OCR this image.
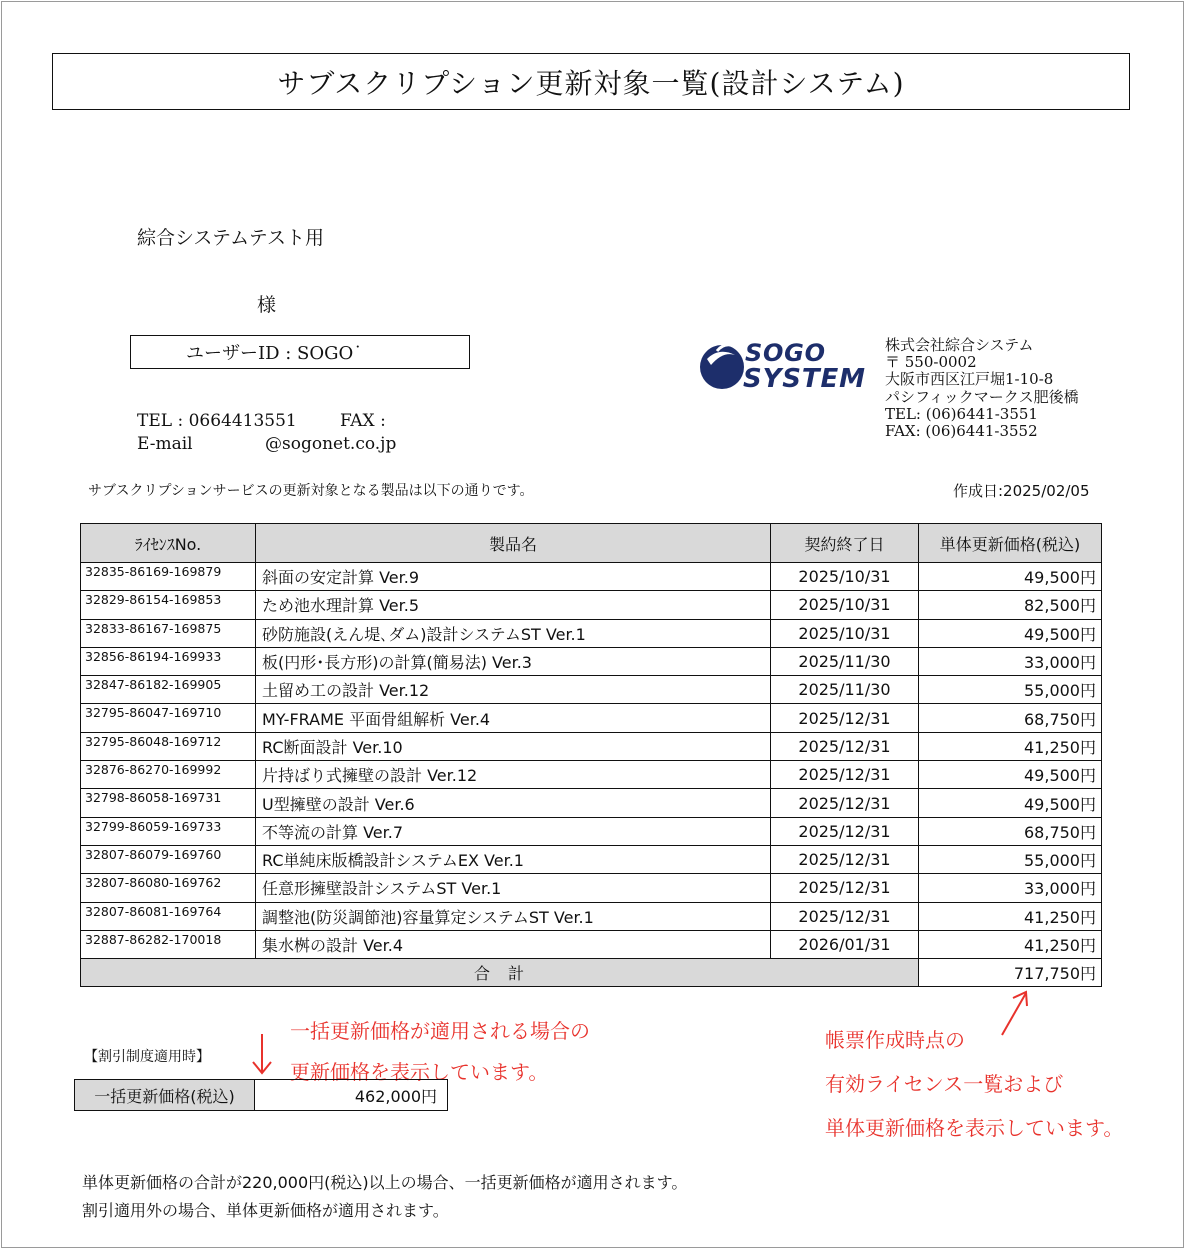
サブスクリプション更新対象一覧(設計システム)
綜合システムテスト用
様
ユーザーID : SOGO˙
TEL : 0664413551        FAX :
E-mail	@sogonet.co.jp
SOGO
SYSTEM
株式会社綜合システム
〒 550-0002
大阪市西区江戸堀1-10-8
パシフィックマークス肥後橋
TEL: (06)6441-3551
FAX: (06)6441-3552
サブスクリプションサービスの更新対象となる製品は以下の通りです。	作成日:2025/02/05
ﾗｲｾﾝｽNo.	製品名	契約終了日	単体更新価格(税込)
32835-86169-169879	斜面の安定計算 Ver.9	2025/10/31	49,500円
32829-86154-169853	ため池水理計算 Ver.5	2025/10/31	82,500円
32833-86167-169875	砂防施設(えん堤､ダム)設計システムST Ver.1	2025/10/31	49,500円
32856-86194-169933	板(円形･長方形)の計算(簡易法) Ver.3	2025/11/30	33,000円
32847-86182-169905	土留め工の設計 Ver.12	2025/11/30	55,000円
32795-86047-169710	MY-FRAME 平面骨組解析 Ver.4	2025/12/31	68,750円
32795-86048-169712	RC断面設計 Ver.10	2025/12/31	41,250円
32876-86270-169992	片持ばり式擁壁の設計 Ver.12	2025/12/31	49,500円
32798-86058-169731	U型擁壁の設計 Ver.6	2025/12/31	49,500円
32799-86059-169733	不等流の計算 Ver.7	2025/12/31	68,750円
32807-86079-169760	RC単純床版橋設計システムEX Ver.1	2025/12/31	55,000円
32807-86080-169762	任意形擁壁設計システムST Ver.1	2025/12/31	33,000円
32807-86081-169764	調整池(防災調節池)容量算定システムST Ver.1	2025/12/31	41,250円
32887-86282-170018	集水桝の設計 Ver.4	2026/01/31	41,250円
合　計			717,750円
一括更新価格が適用される場合の
更新価格を表示しています。
帳票作成時点の
有効ライセンス一覧および
単体更新価格を表示しています。
【割引制度適用時】
一括更新価格(税込)	462,000円
単体更新価格の合計が220,000円(税込)以上の場合、一括更新価格が適用されます。
割引適用外の場合、単体更新価格が適用されます。
